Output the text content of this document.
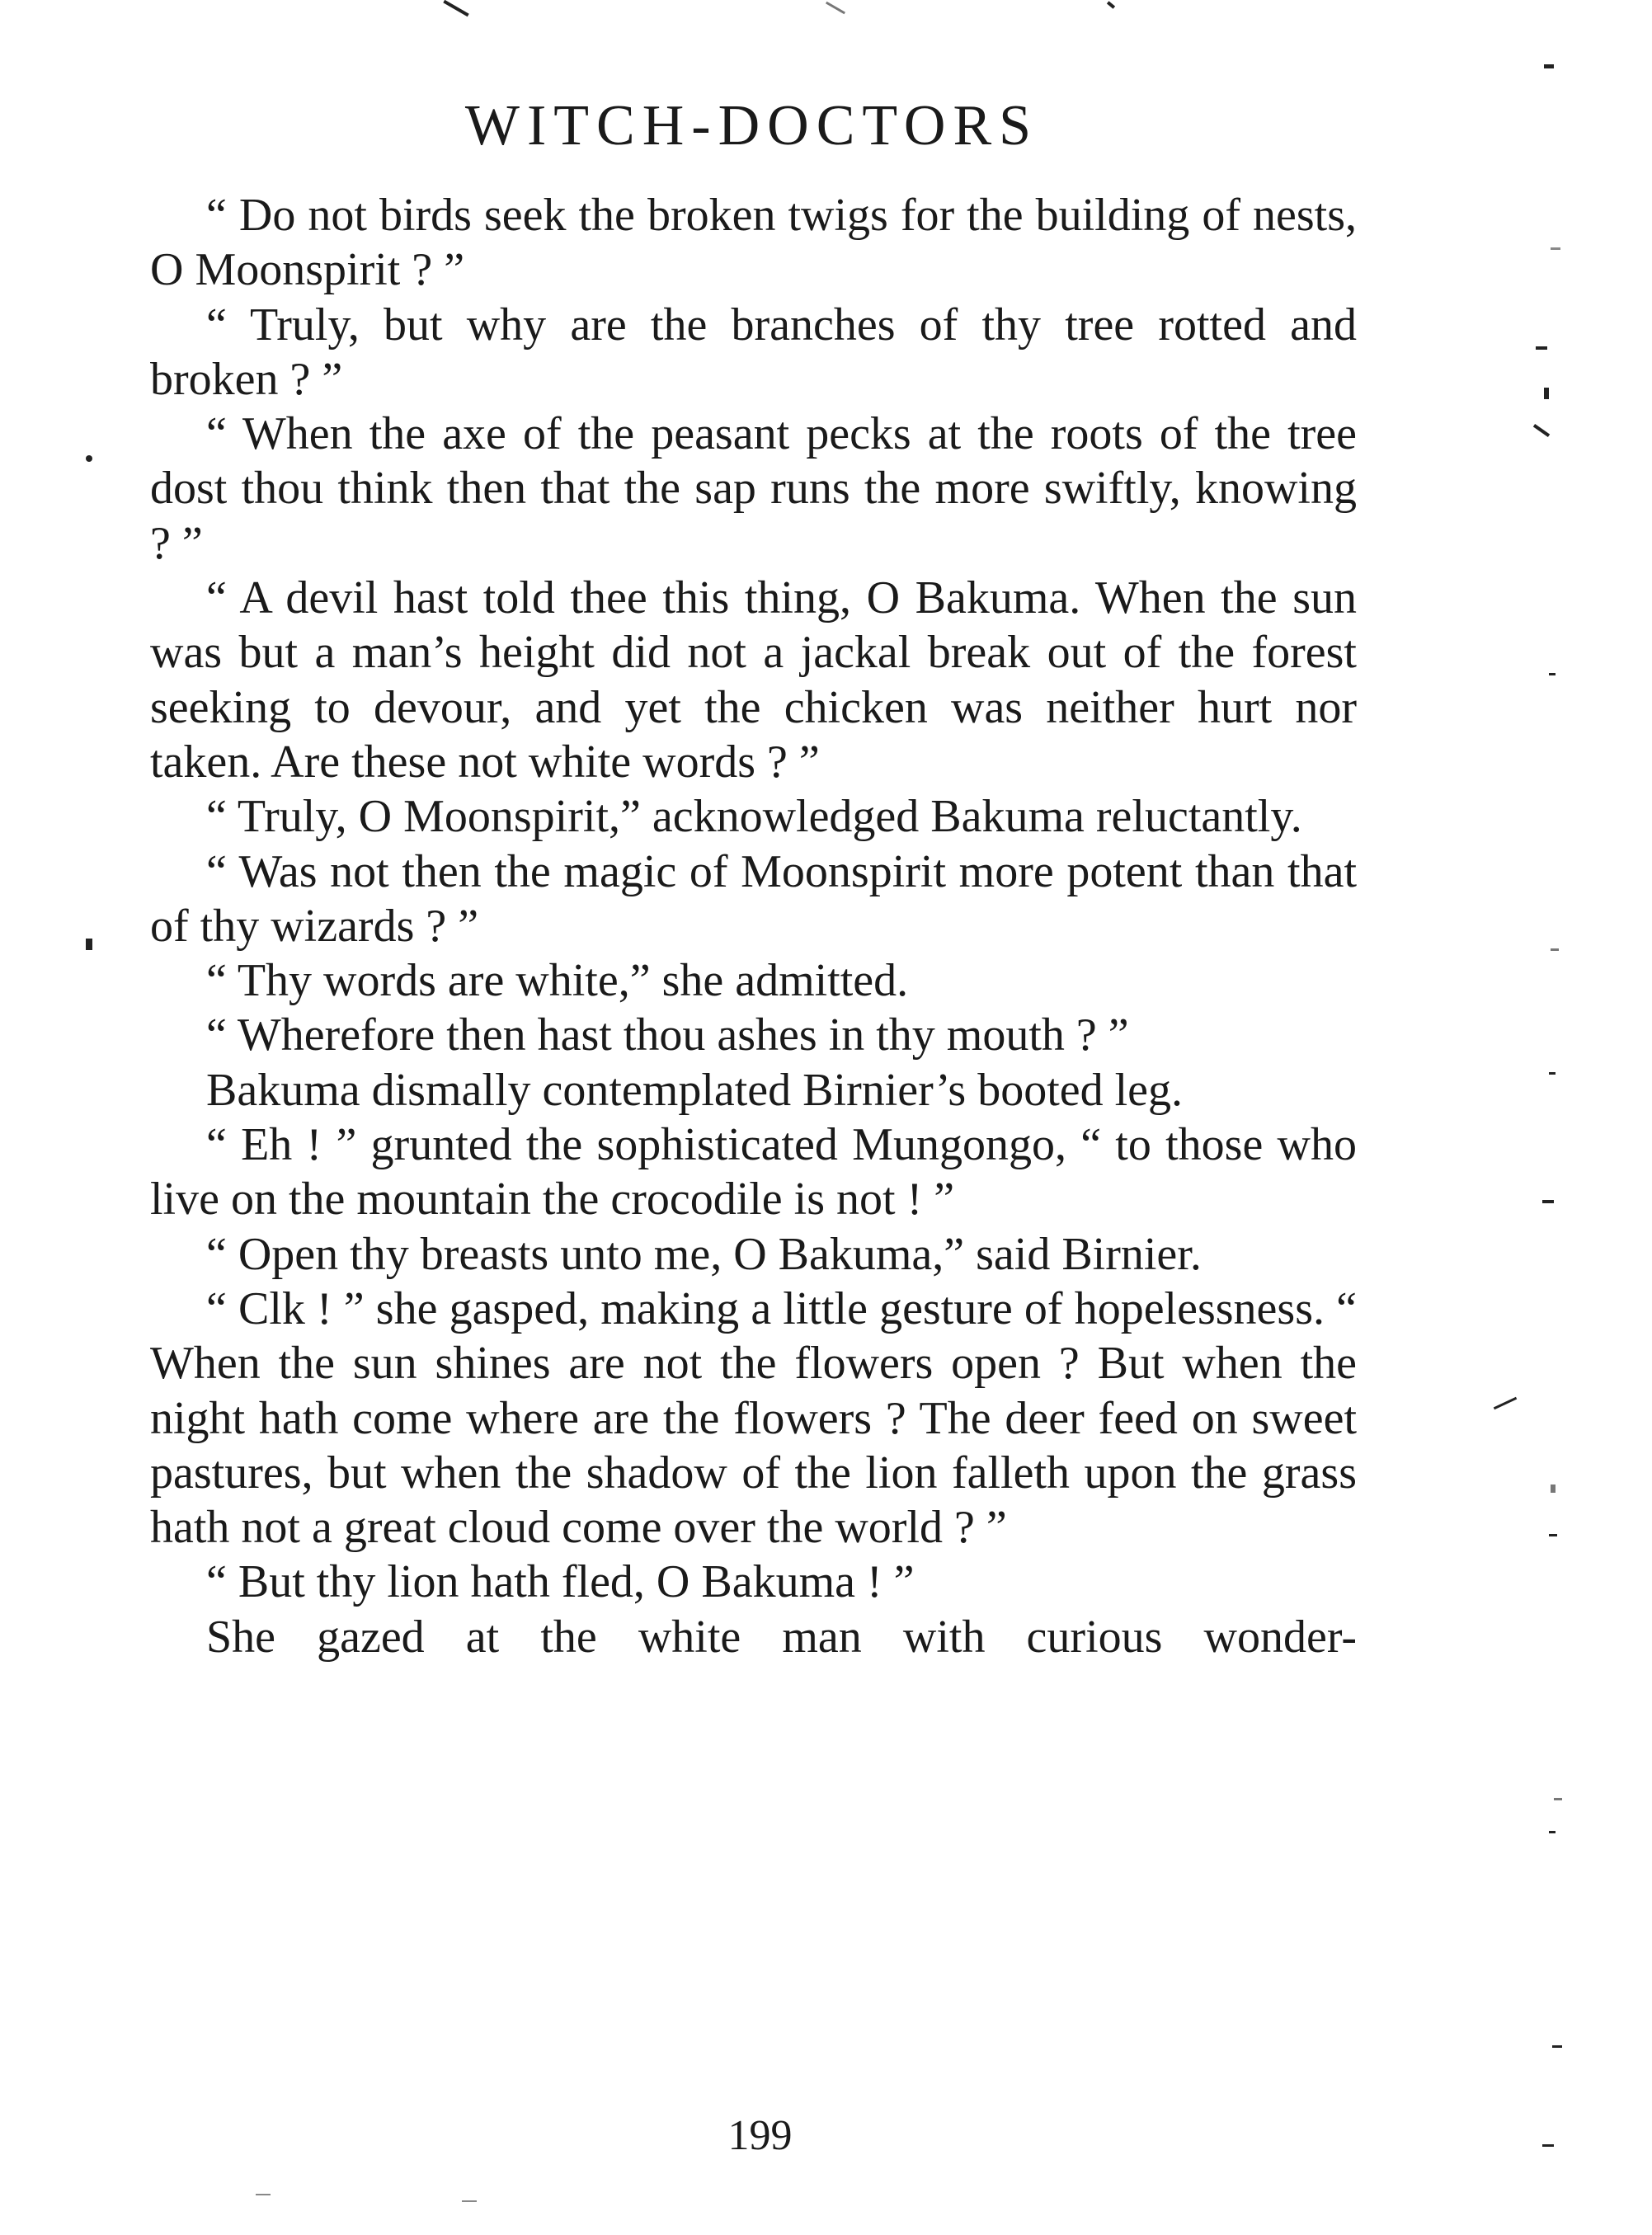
WITCH-DOCTORS

“ Do not birds seek the broken twigs for the building of nests, O Moonspirit ? ”

“ Truly, but why are the branches of thy tree rotted and broken ? ”

“ When the axe of the peasant pecks at the roots of the tree dost thou think then that the sap runs the more swiftly, knowing ? ”

“ A devil hast told thee this thing, O Bakuma. When the sun was but a man’s height did not a jackal break out of the forest seeking to devour, and yet the chicken was neither hurt nor taken. Are these not white words ? ”

“ Truly, O Moonspirit,” acknowledged Bakuma reluctantly.

“ Was not then the magic of Moonspirit more potent than that of thy wizards ? ”

“ Thy words are white,” she admitted.

“ Wherefore then hast thou ashes in thy mouth ? ”

Bakuma dismally contemplated Birnier’s booted leg.

“ Eh ! ” grunted the sophisticated Mungongo, “ to those who live on the mountain the crocodile is not ! ”

“ Open thy breasts unto me, O Bakuma,” said Birnier.

“ Clk ! ” she gasped, making a little gesture of hopelessness. “ When the sun shines are not the flowers open ? But when the night hath come where are the flowers ? The deer feed on sweet pastures, but when the shadow of the lion falleth upon the grass hath not a great cloud come over the world ? ”

“ But thy lion hath fled, O Bakuma ! ”

She gazed at the white man with curious wonder-

199
